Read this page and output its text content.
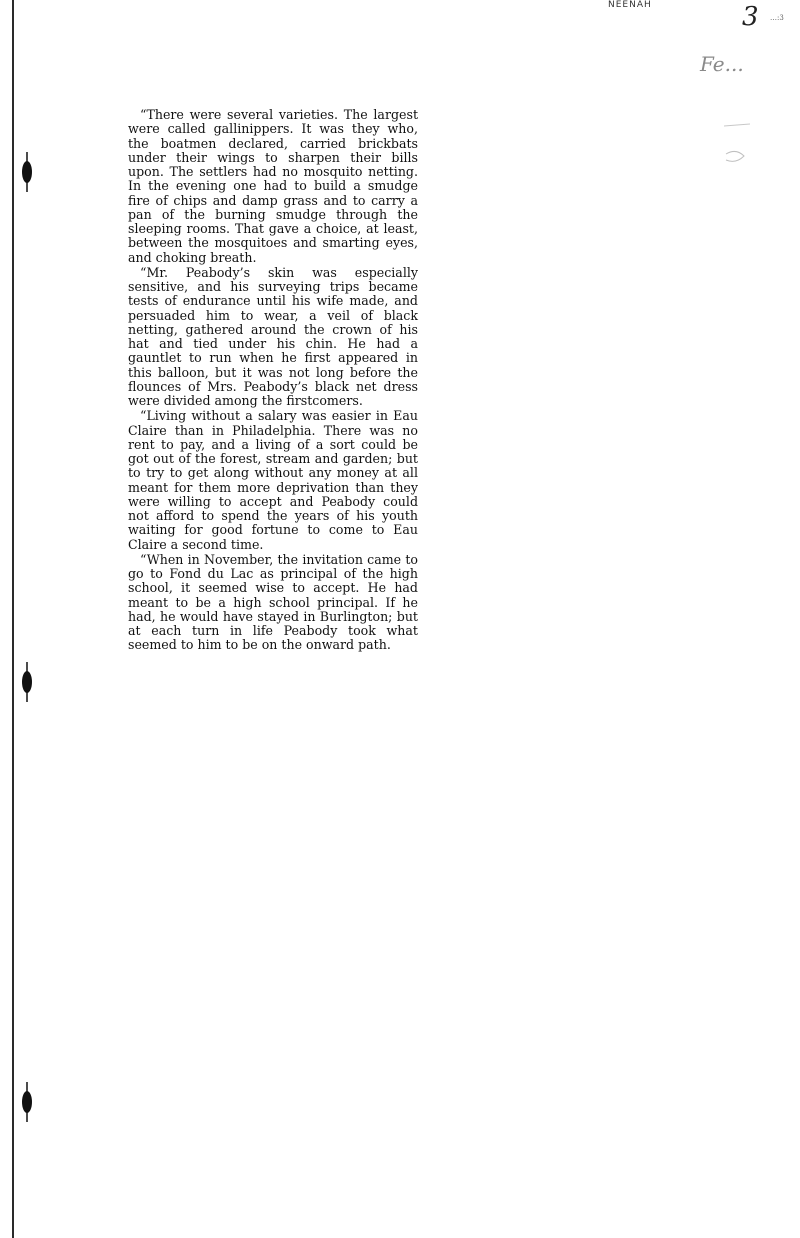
NEENAH	3 …:3
Fe...

“There were several varieties. The largest were called gallinippers. It was they who, the boatmen declared, carried brickbats under their wings to sharpen their bills upon. The settlers had no mosquito netting. In the evening one had to build a smudge fire of chips and damp grass and to carry a pan of the burning smudge through the sleeping rooms. That gave a choice, at least, between the mosquitoes and smarting eyes, and choking breath.

“Mr. Peabody’s skin was especially sensitive, and his surveying trips became tests of endurance until his wife made, and persuaded him to wear, a veil of black netting, gathered around the crown of his hat and tied under his chin. He had a gauntlet to run when he first appeared in this balloon, but it was not long before the flounces of Mrs. Peabody’s black net dress were divided among the firstcomers.

“Living without a salary was easier in Eau Claire than in Philadelphia. There was no rent to pay, and a living of a sort could be got out of the forest, stream and garden; but to try to get along without any money at all meant for them more deprivation than they were willing to accept and Peabody could not afford to spend the years of his youth waiting for good fortune to come to Eau Claire a second time.

“When in November, the invitation came to go to Fond du Lac as principal of the high school, it seemed wise to accept. He had meant to be a high school principal. If he had, he would have stayed in Burlington; but at each turn in life Peabody took what seemed to him to be on the onward path.
